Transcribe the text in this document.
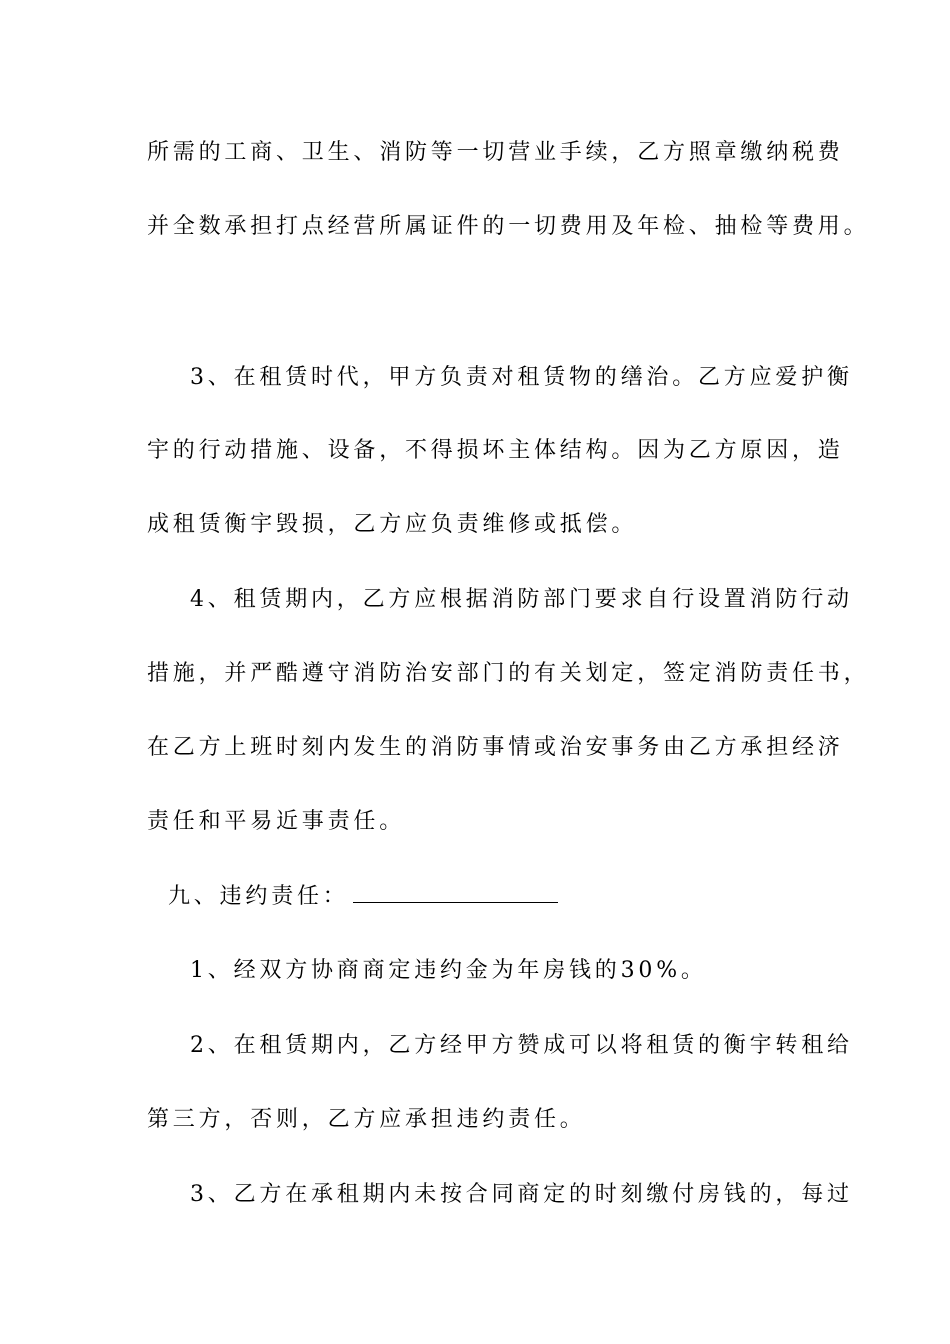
所需的工商、卫生、消防等一切营业手续，乙方照章缴纳税费
并全数承担打点经营所属证件的一切费用及年检、抽检等费用。
3、在租赁时代，甲方负责对租赁物的缮治。乙方应爱护衡
宇的行动措施、设备，不得损坏主体结构。因为乙方原因，造
成租赁衡宇毁损，乙方应负责维修或抵偿。
4、租赁期内，乙方应根据消防部门要求自行设置消防行动
措施，并严酷遵守消防治安部门的有关划定，签定消防责任书，
在乙方上班时刻内发生的消防事情或治安事务由乙方承担经济
责任和平易近事责任。
九、违约责任：
1、经双方协商商定违约金为年房钱的30%。
2、在租赁期内，乙方经甲方赞成可以将租赁的衡宇转租给
第三方，否则，乙方应承担违约责任。
3、乙方在承租期内未按合同商定的时刻缴付房钱的，每过
